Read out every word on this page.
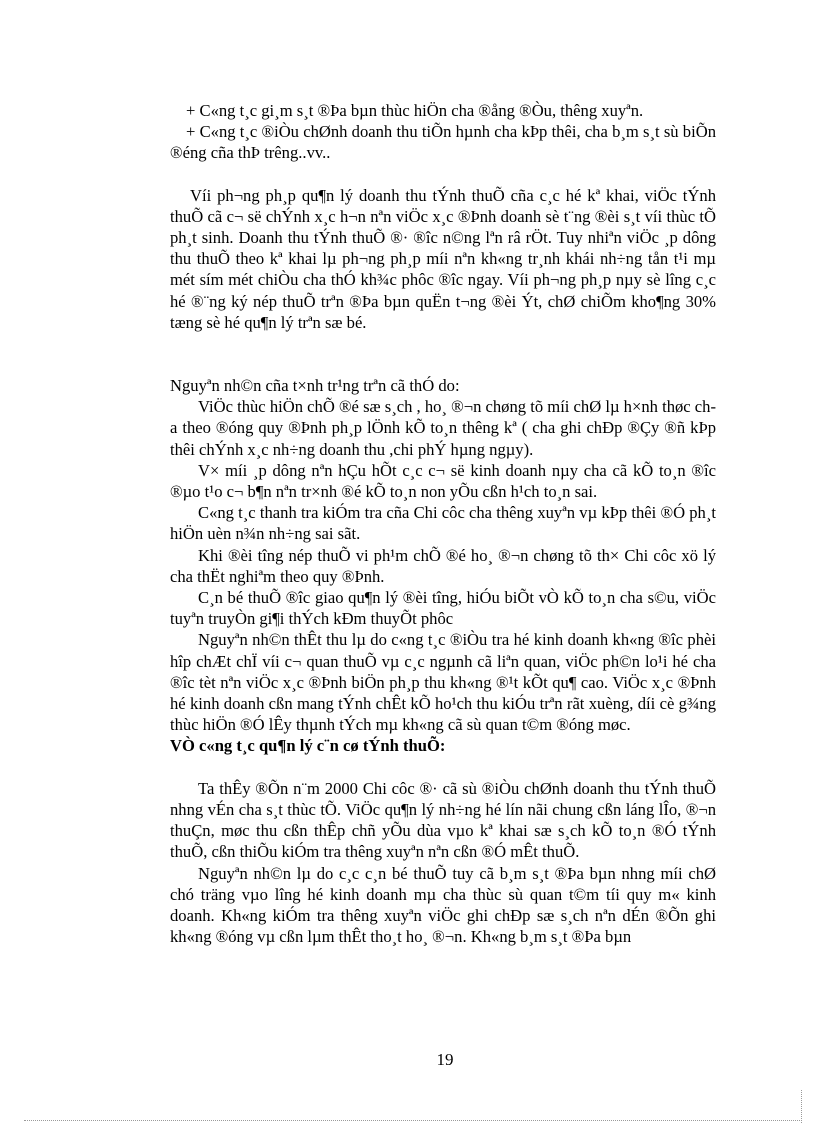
+ C«ng t¸c gi¸m s¸t ®Þa bµn thùc hiÖn cha ®ång ®Òu, thêng xuyªn.

+ C«ng t¸c ®iÒu chØnh doanh thu tiÕn hµnh cha kÞp thêi, cha b¸m s¸t sù biÕn ®éng cña thÞ trêng..vv..

Víi ph¬ng ph¸p qu¶n lý doanh thu tÝnh thuÕ cña c¸c hé kª khai, viÖc tÝnh thuÕ cã c¬ së chÝnh x¸c h¬n nªn viÖc x¸c ®Þnh doanh sè t¨ng ®èi s¸t víi thùc tÕ ph¸t sinh. Doanh thu tÝnh thuÕ ®· ®îc n©ng lªn râ rÖt. Tuy nhiªn viÖc ¸p dông thu thuÕ theo kª khai lµ ph¬ng ph¸p míi nªn kh«ng tr¸nh khái nh÷ng tån t¹i mµ mét sím mét chiÒu cha thÓ kh¾c phôc ®îc ngay. Víi ph¬ng ph¸p nµy sè lîng c¸c hé ®¨ng ký nép thuÕ trªn ®Þa bµn quËn t¬ng ®èi Ýt, chØ chiÕm kho¶ng 30% tæng sè hé qu¶n lý trªn sæ bé.

Nguyªn nh©n cña t×nh tr¹ng trªn cã thÓ do:

ViÖc thùc hiÖn chÕ ®é sæ s¸ch , ho¸ ®¬n chøng tõ míi chØ lµ h×nh thøc cha theo ®óng quy ®Þnh ph¸p lÖnh kÕ to¸n thêng kª ( cha ghi chÐp ®Çy ®ñ kÞp thêi chÝnh x¸c nh÷ng doanh thu ,chi phÝ hµng ngµy).

V× míi ¸p dông nªn hÇu hÕt c¸c c¬ së kinh doanh nµy cha cã kÕ to¸n ®îc ®µo t¹o c¬ b¶n nªn tr×nh ®é kÕ to¸n non yÕu cßn h¹ch to¸n sai.

C«ng t¸c thanh tra kiÓm tra cña Chi côc cha thêng xuyªn vµ kÞp thêi ®Ó ph¸t hiÖn uèn n¾n nh÷ng sai sãt.

Khi ®èi tîng nép thuÕ vi ph¹m chÕ ®é ho¸ ®¬n chøng tõ th× Chi côc xö lý cha thËt nghiªm theo quy ®Þnh.

C¸n bé thuÕ ®îc giao qu¶n lý ®èi tîng, hiÓu biÕt vÒ kÕ to¸n cha s©u, viÖc tuyªn truyÒn gi¶i thÝch kÐm thuyÕt phôc

Nguyªn nh©n thÊt thu lµ do c«ng t¸c ®iÒu tra hé kinh doanh kh«ng ®îc phèi hîp chÆt chÏ víi c¬ quan thuÕ vµ c¸c ngµnh cã liªn quan, viÖc ph©n lo¹i hé cha ®îc tèt nªn viÖc x¸c ®Þnh biÖn ph¸p thu kh«ng ®¹t kÕt qu¶ cao. ViÖc x¸c ®Þnh hé kinh doanh cßn mang tÝnh chÊt kÕ ho¹ch thu kiÓu trªn rãt xuèng, díi cè g¾ng thùc hiÖn ®Ó lÊy thµnh tÝch mµ kh«ng cã sù quan t©m ®óng møc.

VÒ c«ng t¸c qu¶n lý c¨n cø tÝnh thuÕ:

Ta thÊy ®Õn n¨m 2000 Chi côc ®· cã sù ®iÒu chØnh doanh thu tÝnh thuÕ nhng vÉn cha s¸t thùc tÕ. ViÖc qu¶n lý nh÷ng hé lín nãi chung cßn láng lÎo, ®¬n thuÇn, møc thu cßn thÊp chñ yÕu dùa vµo kª khai sæ s¸ch kÕ to¸n ®Ó tÝnh thuÕ, cßn thiÕu kiÓm tra thêng xuyªn nªn cßn ®Ó mÊt thuÕ.

Nguyªn nh©n lµ do c¸c c¸n bé thuÕ tuy cã b¸m s¸t ®Þa bµn nhng míi chØ chó träng vµo lîng hé kinh doanh mµ cha thùc sù quan t©m tíi quy m« kinh doanh. Kh«ng kiÓm tra thêng xuyªn viÖc ghi chÐp sæ s¸ch nªn dÉn ®Õn ghi kh«ng ®óng vµ cßn lµm thÊt tho¸t ho¸ ®¬n. Kh«ng b¸m s¸t ®Þa bµn

19
